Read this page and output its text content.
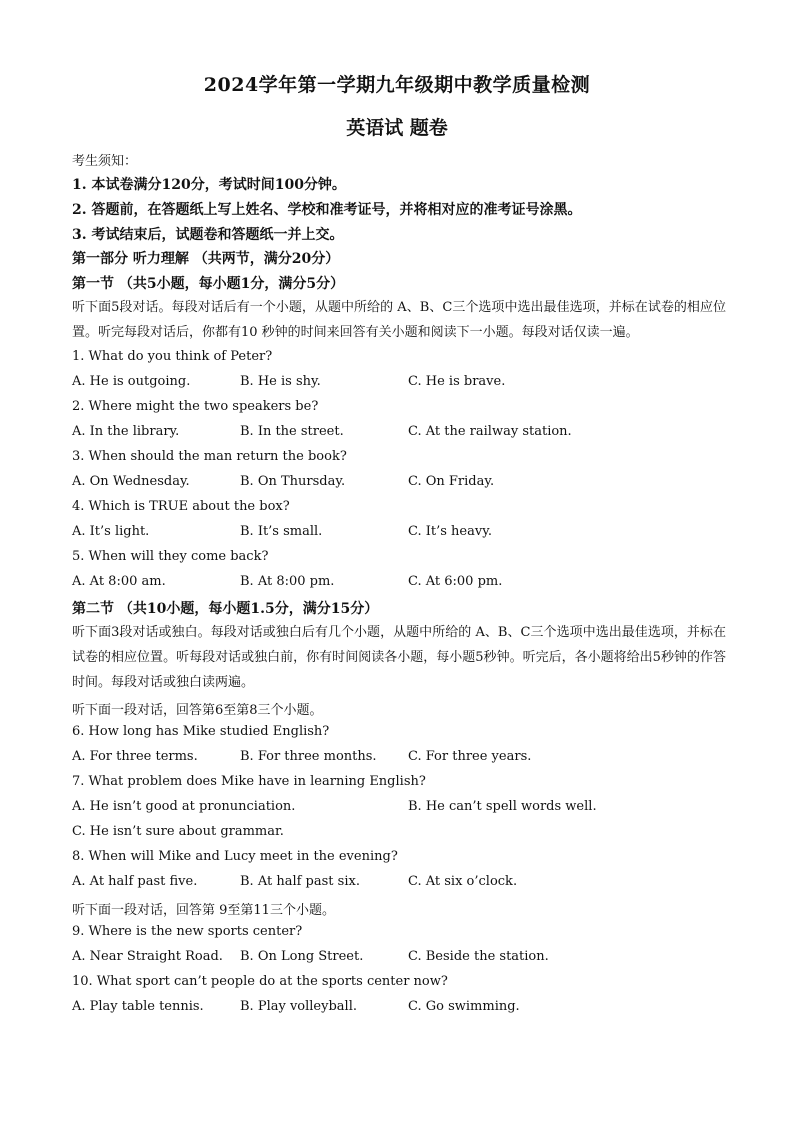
2024学年第一学期九年级期中教学质量检测
英语试 题卷
考生须知：
1. 本试卷满分120分，考试时间100分钟。
2. 答题前，在答题纸上写上姓名、学校和准考证号，并将相对应的准考证号涂黑。
3. 考试结束后，试题卷和答题纸一并上交。
第一部分 听力理解 （共两节，满分20分）
第一节 （共5小题，每小题1分，满分5分）
听下面5段对话。每段对话后有一个小题，从题中所给的 A、B、C三个选项中选出最佳选项，并标在试卷的相应位置。听完每段对话后，你都有10 秒钟的时间来回答有关小题和阅读下一小题。每段对话仅读一遍。
1. What do you think of Peter?
A. He is outgoing.	B. He is shy.	C. He is brave.
2. Where might the two speakers be?
A. In the library.	B. In the street.	C. At the railway station.
3. When should the man return the book?
A. On Wednesday.	B. On Thursday.	C. On Friday.
4. Which is TRUE about the box?
A. It’s light.	B. It’s small.	C. It’s heavy.
5. When will they come back?
A. At 8:00 am.	B. At 8:00 pm.	C. At 6:00 pm.
第二节 （共10小题，每小题1.5分，满分15分）
听下面3段对话或独白。每段对话或独白后有几个小题，从题中所给的 A、B、C三个选项中选出最佳选项，并标在试卷的相应位置。听每段对话或独白前，你有时间阅读各小题，每小题5秒钟。听完后，各小题将给出5秒钟的作答时间。每段对话或独白读两遍。
听下面一段对话，回答第6至第8三个小题。
6. How long has Mike studied English?
A. For three terms.	B. For three months. C. For three years.
7. What problem does Mike have in learning English?
A. He isn’t good at pronunciation.	B. He can’t spell words well.
C. He isn’t sure about grammar.
8. When will Mike and Lucy meet in the evening?
A. At half past five.	B. At half past six.	C. At six o’clock.
听下面一段对话，回答第 9至第11三个小题。
9. Where is the new sports center?
A. Near Straight Road. B. On Long Street.	C. Beside the station.
10. What sport can’t people do at the sports center now?
A. Play table tennis.	B. Play volleyball.	C. Go swimming.
